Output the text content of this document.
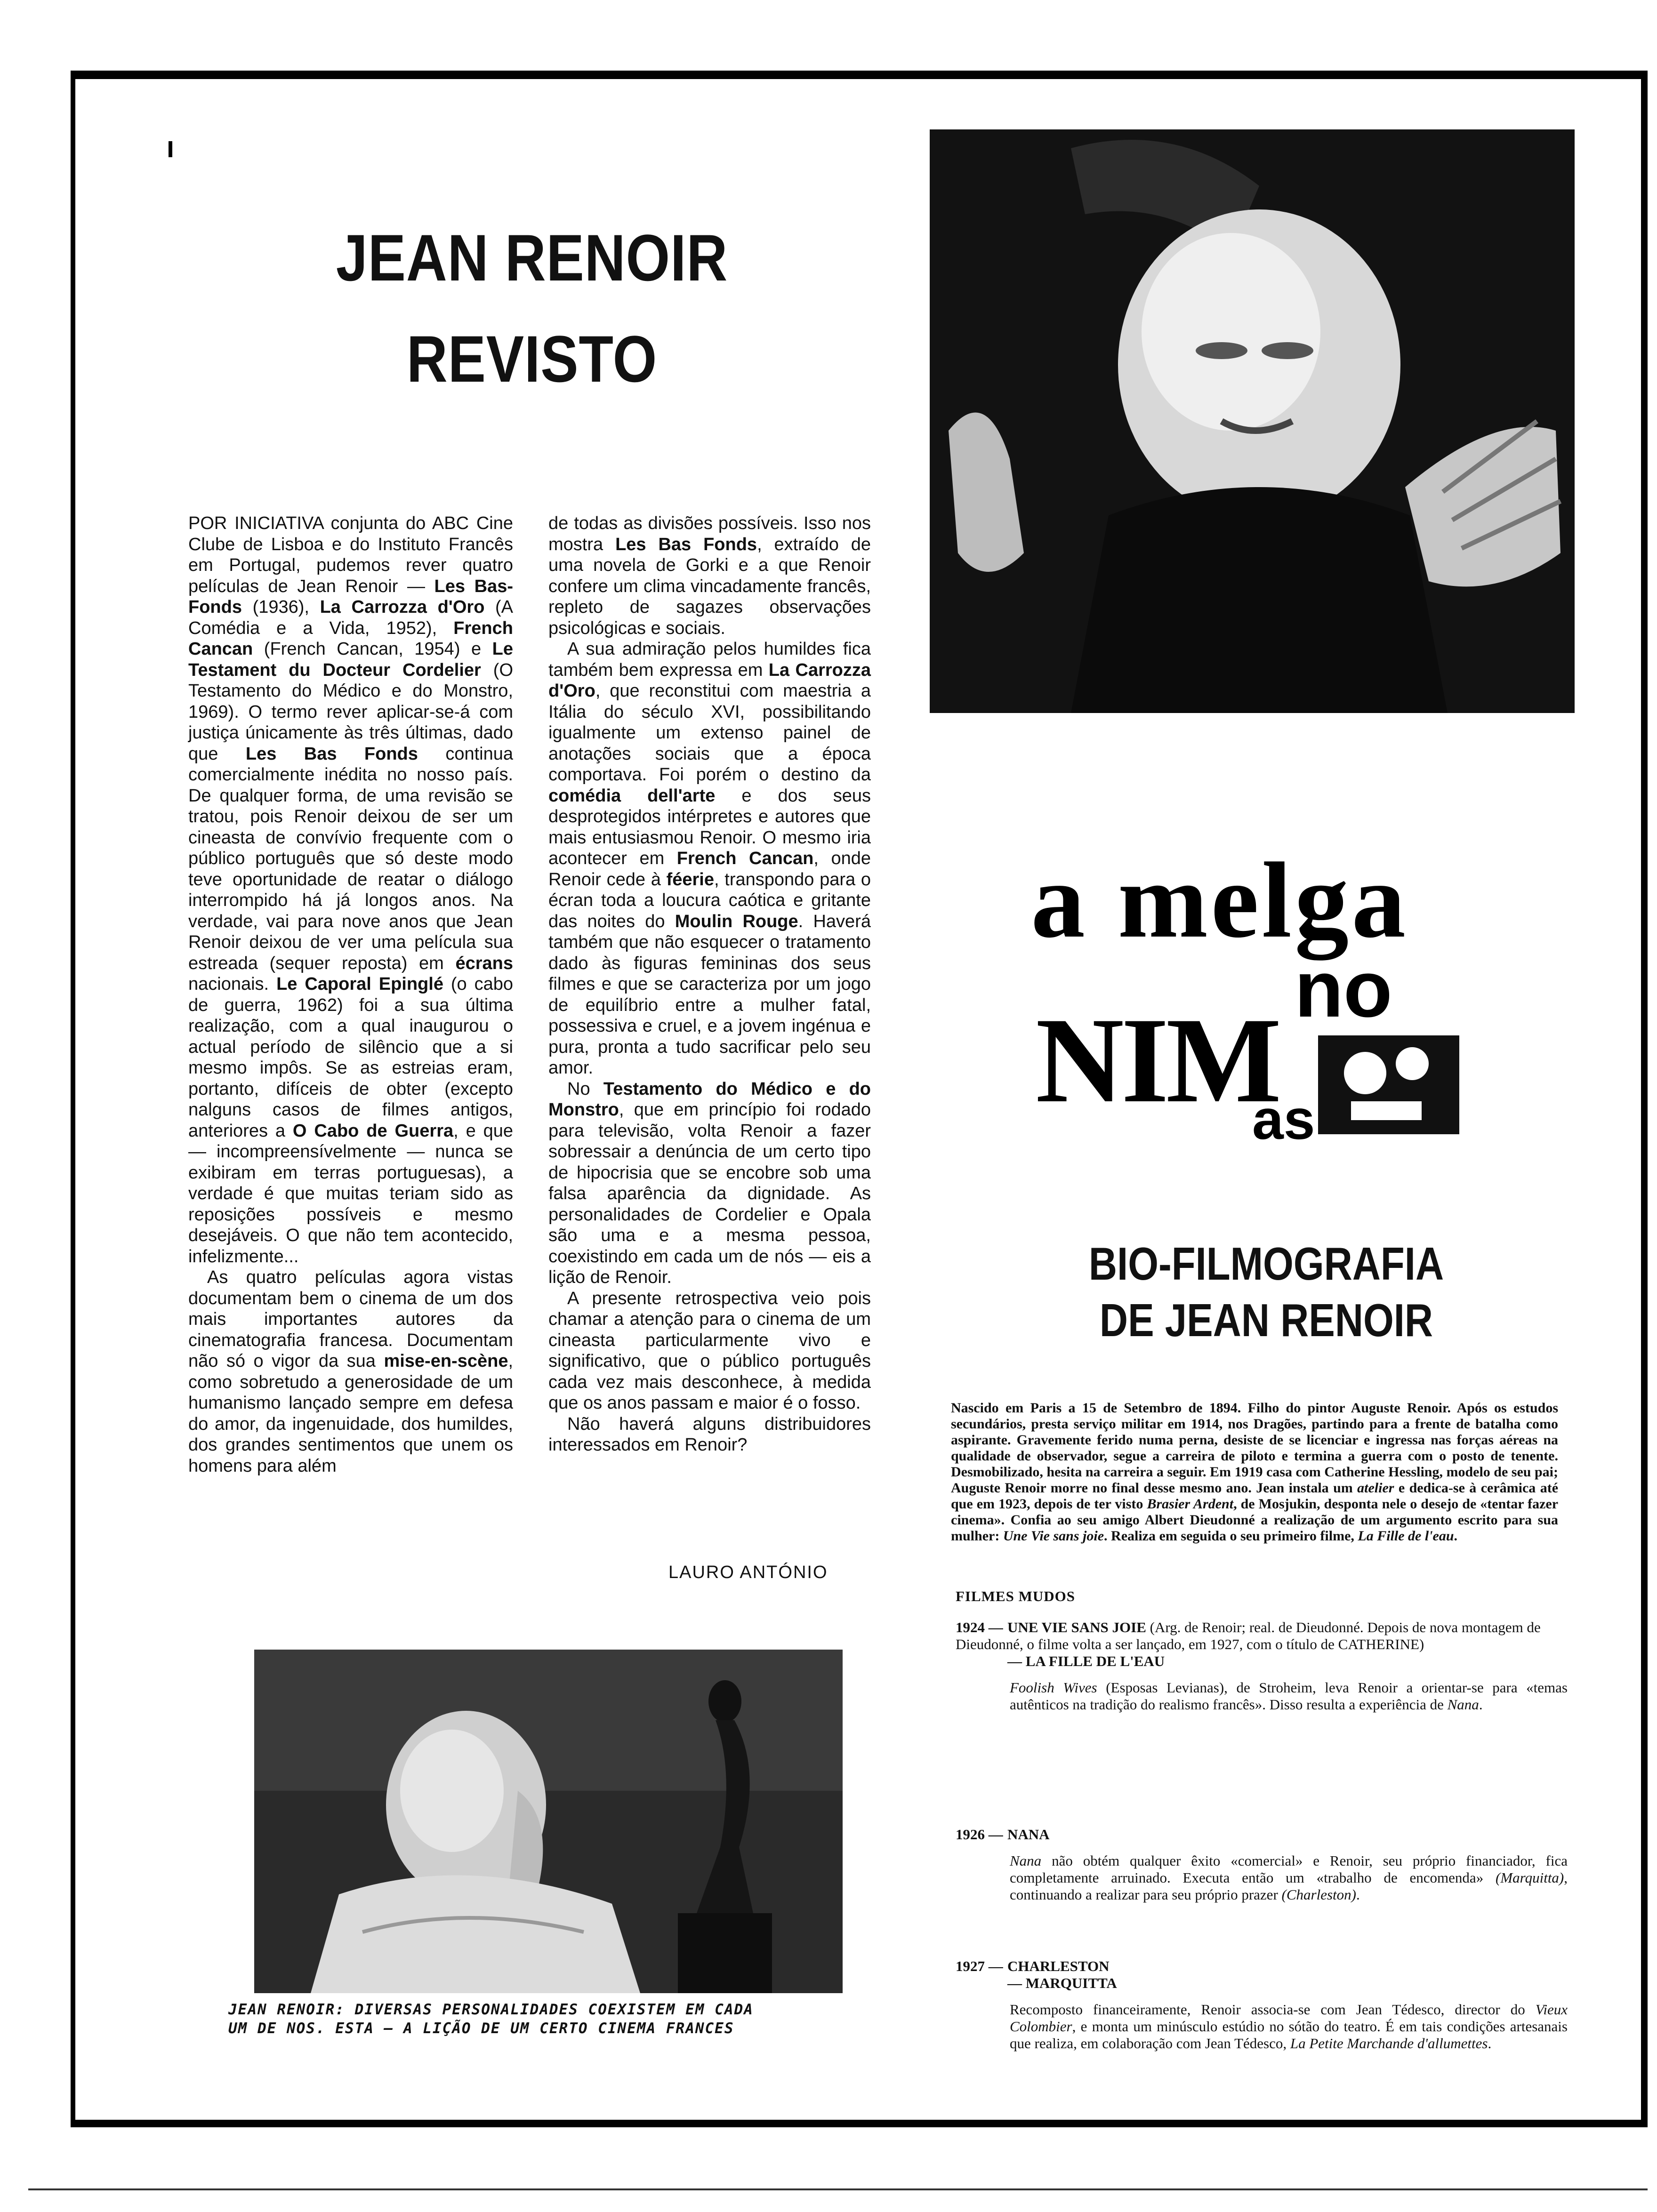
JEAN RENOIR
REVISTO

POR INICIATIVA conjunta do ABC Cine Clube de Lisboa e do Instituto Francês em Portugal, pudemos rever quatro películas de Jean Renoir — Les Bas-Fonds (1936), La Carrozza d'Oro (A Comédia e a Vida, 1952), French Cancan (French Cancan, 1954) e Le Testament du Docteur Cordelier (O Testamento do Médico e do Monstro, 1969). O termo rever aplicar-se-á com justiça únicamente às três últimas, dado que Les Bas Fonds continua comercialmente inédita no nosso país. De qualquer forma, de uma revisão se tratou, pois Renoir deixou de ser um cineasta de convívio frequente com o público português que só deste modo teve oportunidade de reatar o diálogo interrompido há já longos anos. Na verdade, vai para nove anos que Jean Renoir deixou de ver uma película sua estreada (sequer reposta) em écrans nacionais. Le Caporal Epinglé (o cabo de guerra, 1962) foi a sua última realização, com a qual inaugurou o actual período de silêncio que a si mesmo impôs. Se as estreias eram, portanto, difíceis de obter (excepto nalguns casos de filmes antigos, anteriores a O Cabo de Guerra, e que — incompreensívelmente — nunca se exibiram em terras portuguesas), a verdade é que muitas teriam sido as reposições possíveis e mesmo desejáveis. O que não tem acontecido, infelizmente...

As quatro películas agora vistas documentam bem o cinema de um dos mais importantes autores da cinematografia francesa. Documentam não só o vigor da sua mise-en-scène, como sobretudo a generosidade de um humanismo lançado sempre em defesa do amor, da ingenuidade, dos humildes, dos grandes sentimentos que unem os homens para além

de todas as divisões possíveis. Isso nos mostra Les Bas Fonds, extraído de uma novela de Gorki e a que Renoir confere um clima vincadamente francês, repleto de sagazes observações psicológicas e sociais.

A sua admiração pelos humildes fica também bem expressa em La Carrozza d'Oro, que reconstitui com maestria a Itália do século XVI, possibilitando igualmente um extenso painel de anotações sociais que a época comportava. Foi porém o destino da comédia dell'arte e dos seus desprotegidos intérpretes e autores que mais entusiasmou Renoir. O mesmo iria acontecer em French Cancan, onde Renoir cede à féerie, transpondo para o écran toda a loucura caótica e gritante das noites do Moulin Rouge. Haverá também que não esquecer o tratamento dado às figuras femininas dos seus filmes e que se caracteriza por um jogo de equilíbrio entre a mulher fatal, possessiva e cruel, e a jovem ingénua e pura, pronta a tudo sacrificar pelo seu amor.

No Testamento do Médico e do Monstro, que em princípio foi rodado para televisão, volta Renoir a fazer sobressair a denúncia de um certo tipo de hipocrisia que se encobre sob uma falsa aparência da dignidade. As personalidades de Cordelier e Opala são uma e a mesma pessoa, coexistindo em cada um de nós — eis a lição de Renoir.

A presente retrospectiva veio pois chamar a atenção para o cinema de um cineasta particularmente vivo e significativo, que o público português cada vez mais desconhece, à medida que os anos passam e maior é o fosso.

Não haverá alguns distribuidores interessados em Renoir?

LAURO ANTÓNIO
a melga
no
NIM
as
BIO-FILMOGRAFIA
DE JEAN RENOIR
Nascido em Paris a 15 de Setembro de 1894. Filho do pintor Auguste Renoir. Após os estudos secundários, presta serviço militar em 1914, nos Dragões, partindo para a frente de batalha como aspirante. Gravemente ferido numa perna, desiste de se licenciar e ingressa nas forças aéreas na qualidade de observador, segue a carreira de piloto e termina a guerra com o posto de tenente. Desmobilizado, hesita na carreira a seguir. Em 1919 casa com Catherine Hessling, modelo de seu pai; Auguste Renoir morre no final desse mesmo ano. Jean instala um atelier e dedica-se à cerâmica até que em 1923, depois de ter visto Brasier Ardent, de Mosjukin, desponta nele o desejo de «tentar fazer cinema». Confia ao seu amigo Albert Dieudonné a realização de um argumento escrito para sua mulher: Une Vie sans joie. Realiza em seguida o seu primeiro filme, La Fille de l'eau.
FILMES MUDOS
1924 — UNE VIE SANS JOIE (Arg. de Renoir; real. de Dieudonné. Depois de nova montagem de Dieudonné, o filme volta a ser lançado, em 1927, com o título de CATHERINE)
— LA FILLE DE L'EAU
Foolish Wives (Esposas Levianas), de Stroheim, leva Renoir a orientar-se para «temas autênticos na tradição do realismo francês». Disso resulta a experiência de Nana.
1926 — NANA
Nana não obtém qualquer êxito «comercial» e Renoir, seu próprio financiador, fica completamente arruinado. Executa então um «trabalho de encomenda» (Marquitta), continuando a realizar para seu próprio prazer (Charleston).
1927 — CHARLESTON
— MARQUITTA
Recomposto financeiramente, Renoir associa-se com Jean Tédesco, director do Vieux Colombier, e monta um minúsculo estúdio no sótão do teatro. É em tais condições artesanais que realiza, em colaboração com Jean Tédesco, La Petite Marchande d'allumettes.
JEAN RENOIR: DIVERSAS PERSONALIDADES COEXISTEM EM CADA
UM DE NOS. ESTA — A LIÇÃO DE UM CERTO CINEMA FRANCES
